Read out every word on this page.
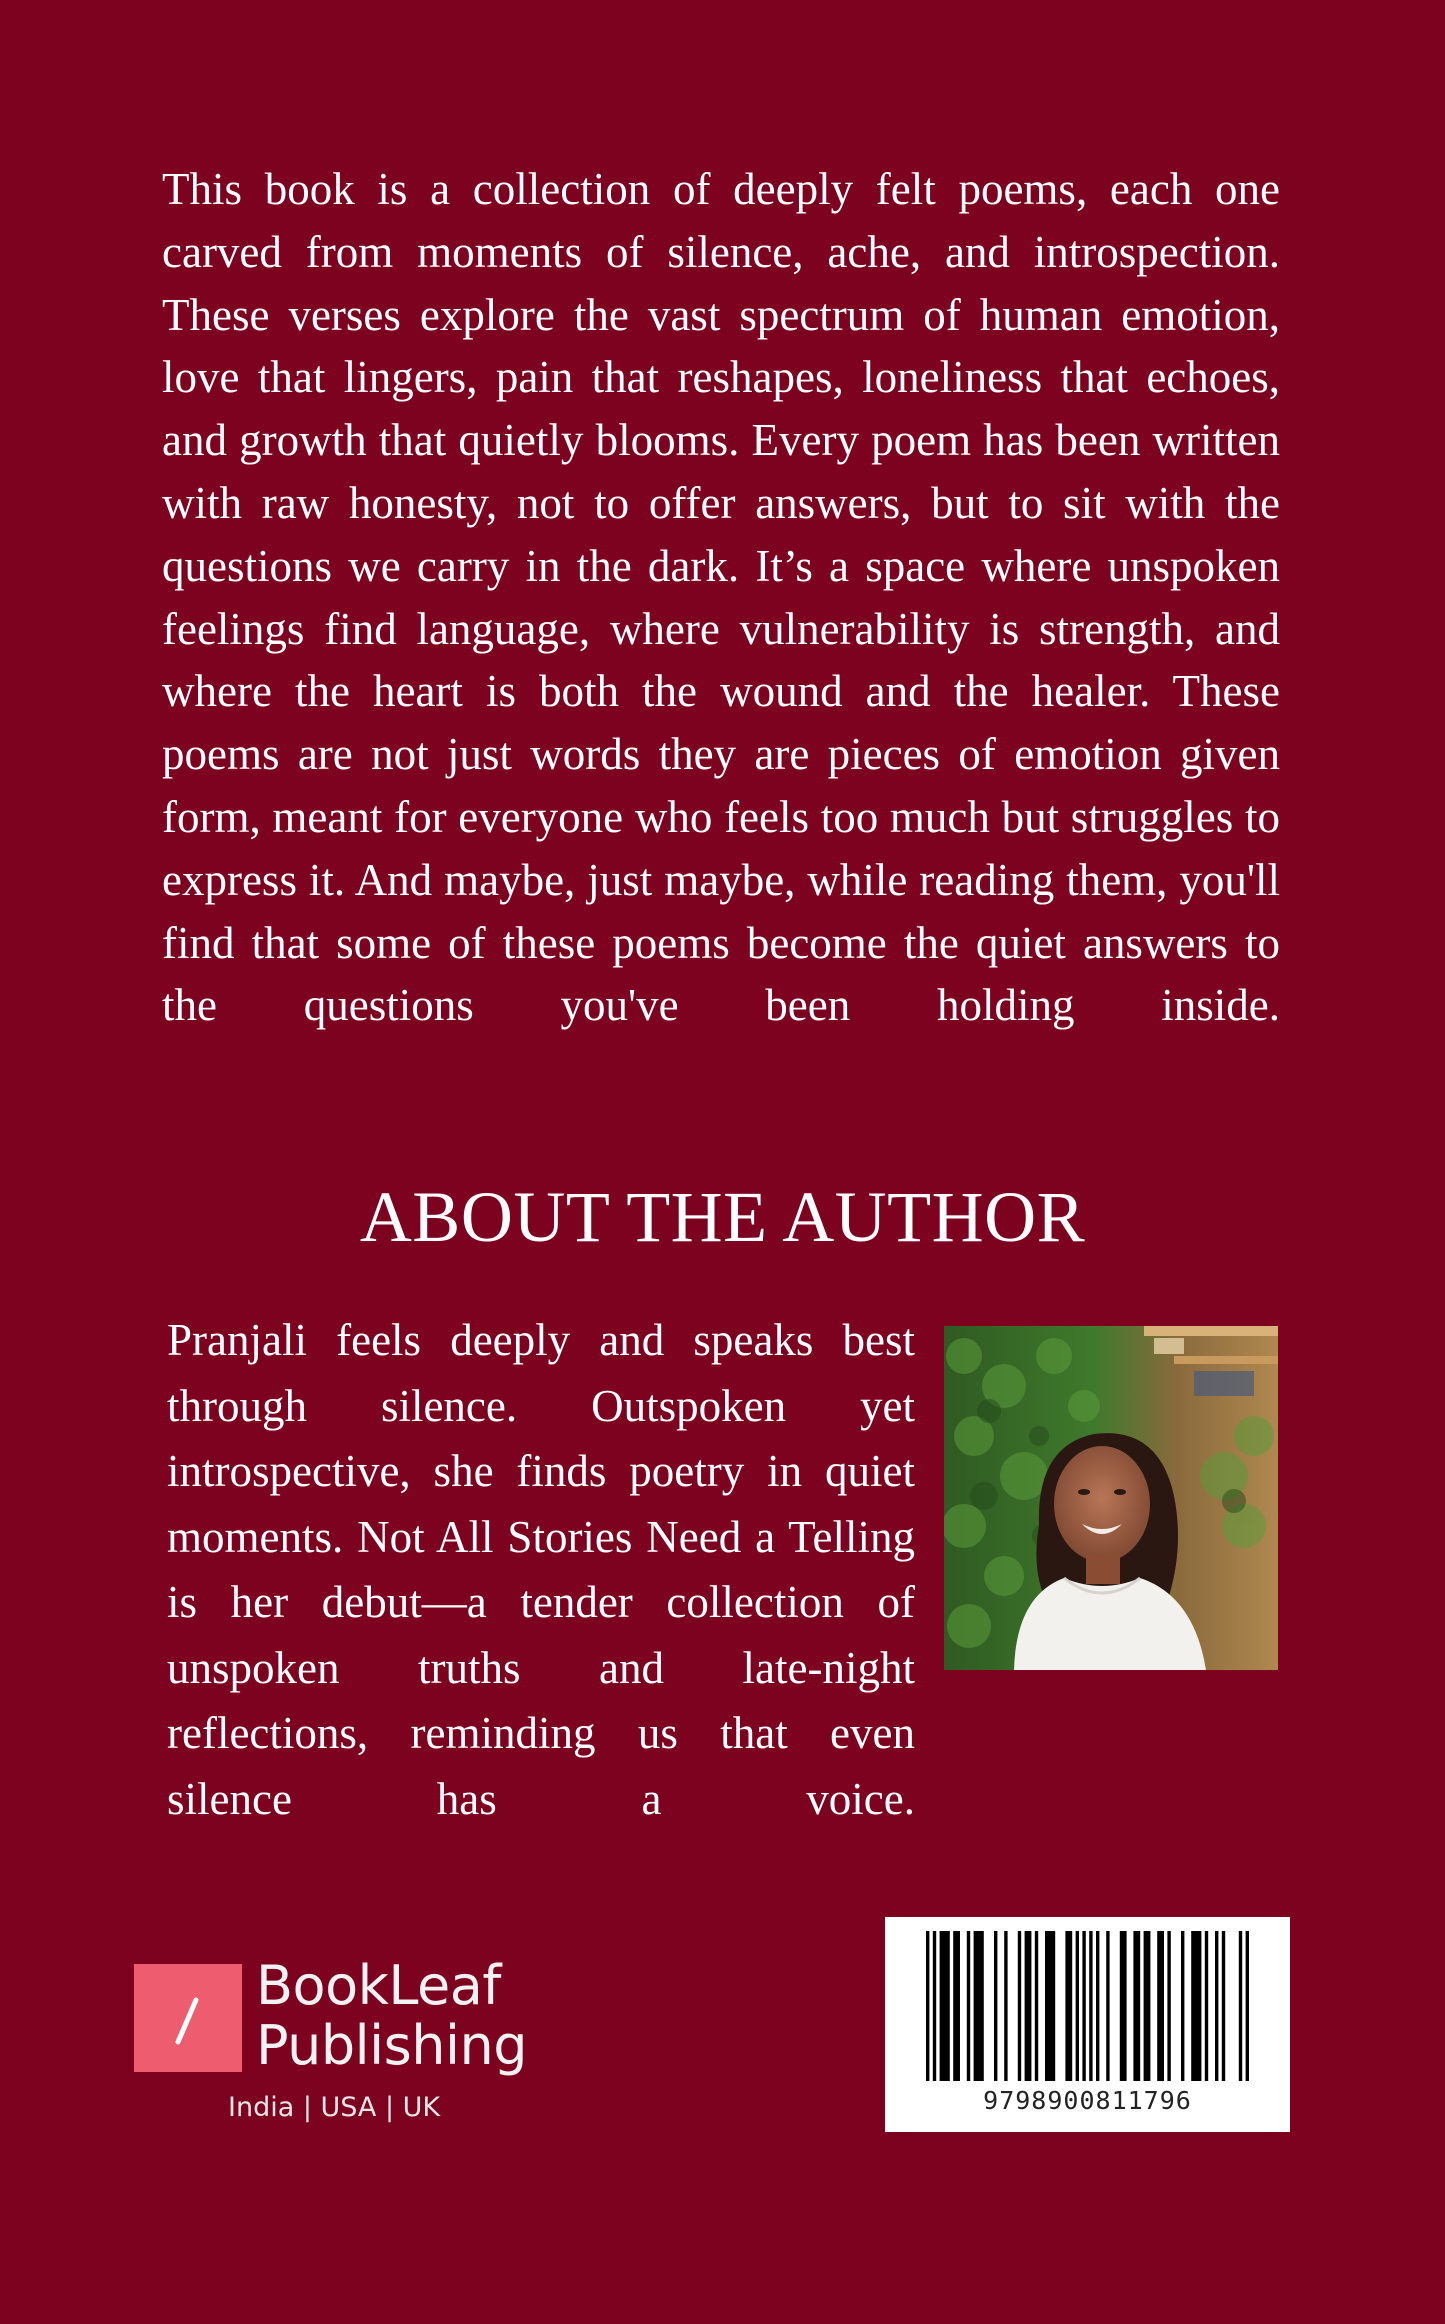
This book is a collection of deeply felt poems, each one carved from moments of silence, ache, and introspection. These verses explore the vast spectrum of human emotion, love that lingers, pain that reshapes, loneliness that echoes, and growth that quietly blooms. Every poem has been written with raw honesty, not to offer answers, but to sit with the questions we carry in the dark. It’s a space where unspoken feelings find language, where vulnerability is strength, and where the heart is both the wound and the healer. These poems are not just words they are pieces of emotion given form, meant for everyone who feels too much but struggles to express it. And maybe, just maybe, while reading them, you'll find that some of these poems become the quiet answers to the questions you've been holding inside.

ABOUT THE AUTHOR

Pranjali feels deeply and speaks best through silence. Outspoken yet introspective, she finds poetry in quiet moments. Not All Stories Need a Telling is her debut—a tender collection of unspoken truths and late-night reflections, reminding us that even silence has a voice.

BookLeaf
Publishing
India | USA | UK	9798900811796
